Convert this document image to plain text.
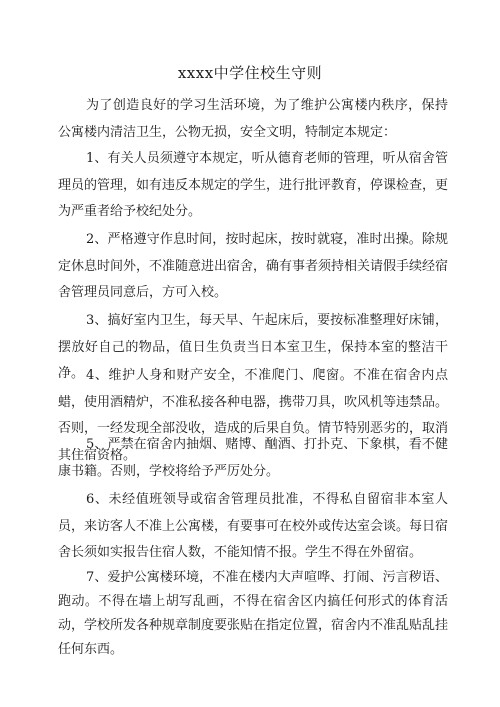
xxxx中学住校生守则

为了创造良好的学习生活环境，为了维护公寓楼内秩序，保持公寓楼内清洁卫生，公物无损，安全文明，特制定本规定：

1、有关人员须遵守本规定，听从德育老师的管理，听从宿舍管理员的管理，如有违反本规定的学生，进行批评教育，停课检查，更为严重者给予校纪处分。

2、严格遵守作息时间，按时起床，按时就寝，准时出操。除规定休息时间外，不准随意进出宿舍，确有事者须持相关请假手续经宿舍管理员同意后，方可入校。

3、搞好室内卫生，每天早、午起床后，要按标准整理好床铺，摆放好自己的物品，值日生负责当日本室卫生，保持本室的整洁干净。 4、维护人身和财产安全，不准爬门、爬窗。不准在宿舍内点蜡，使用酒精炉，不准私接各种电器，携带刀具，吹风机等违禁品。否则，一经发现全部没收，造成的后果自负。情节特别恶劣的，取消其住宿资格。

5、严禁在宿舍内抽烟、赌博、酗酒、打扑克、下象棋，看不健康书籍。否则，学校将给予严厉处分。

6、未经值班领导或宿舍管理员批准，不得私自留宿非本室人员，来访客人不准上公寓楼，有要事可在校外或传达室会谈。每日宿舍长须如实报告住宿人数，不能知情不报。学生不得在外留宿。

7、爱护公寓楼环境，不准在楼内大声喧哗、打闹、污言秽语、跑动。不得在墙上胡写乱画，不得在宿舍区内搞任何形式的体育活动，学校所发各种规章制度要张贴在指定位置，宿舍内不准乱贴乱挂任何东西。
